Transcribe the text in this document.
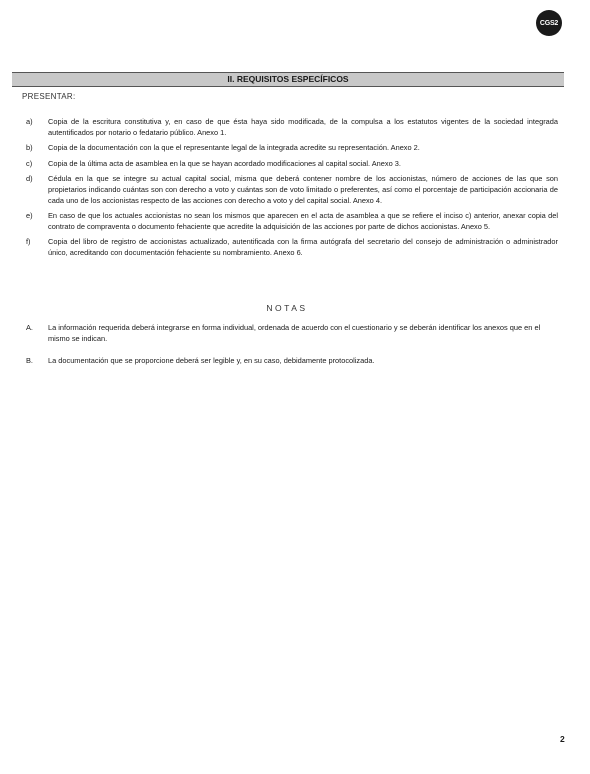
CGS2
II. REQUISITOS ESPECÍFICOS
PRESENTAR:
a)	Copia de la escritura constitutiva y, en caso de que ésta haya sido modificada, de la compulsa a los estatutos vigentes de la sociedad integrada autentificados por notario o fedatario público. Anexo 1.
b)	Copia de la documentación con la que el representante legal de la integrada acredite su representación. Anexo 2.
c)	Copia de la última acta de asamblea en la que se hayan acordado modificaciones al capital social. Anexo 3.
d)	Cédula en la que se integre su actual capital social, misma que deberá contener nombre de los accionistas, número de acciones de las que son propietarios indicando cuántas son con derecho a voto y cuántas son de voto limitado o preferentes, así como el porcentaje de participación accionaria de cada uno de los accionistas respecto de las acciones con derecho a voto y del capital social. Anexo 4.
e)	En caso de que los actuales accionistas no sean los mismos que aparecen en el acta de asamblea a que se refiere el inciso c) anterior, anexar copia del contrato de compraventa o documento fehaciente que acredite la adquisición de las acciones por parte de dichos accionistas. Anexo 5.
f)	Copia del libro de registro de accionistas actualizado, autentificada con la firma autógrafa del secretario del consejo de administración o administrador único, acreditando con documentación fehaciente su nombramiento. Anexo 6.
NOTAS
A.	La información requerida deberá integrarse en forma individual, ordenada de acuerdo con el cuestionario y se deberán identificar los anexos que en el mismo se indican.
B.	La documentación que se proporcione deberá ser legible y, en su caso, debidamente protocolizada.
2
